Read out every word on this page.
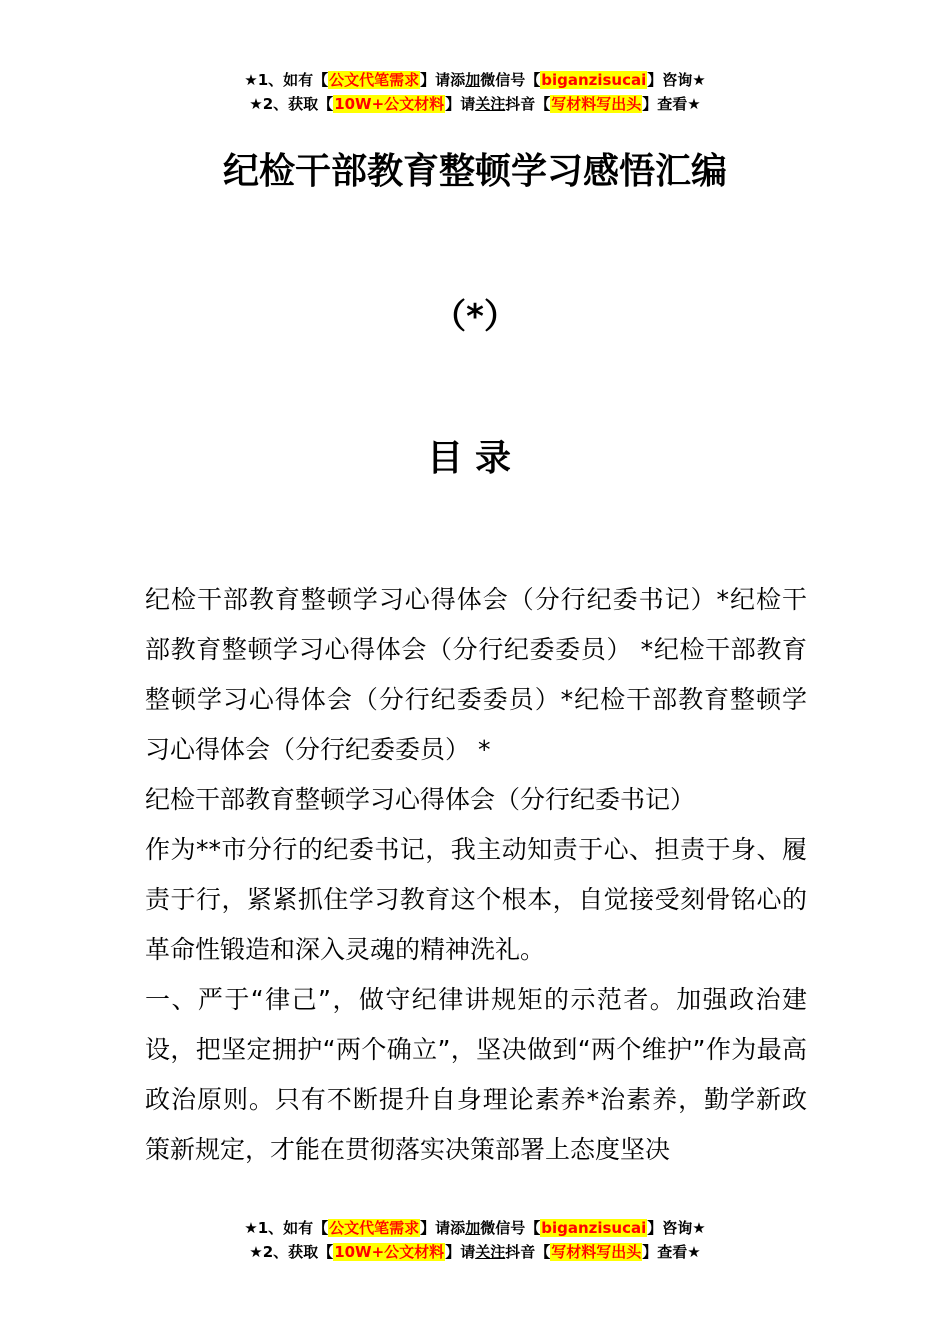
★1、如有【公文代笔需求】请添加微信号【biganzisucai】咨询★
★2、获取【10W+公文材料】请关注抖音【写材料写出头】查看★
纪检干部教育整顿学习感悟汇编
（*）
目录

纪检干部教育整顿学习心得体会（分行纪委书记）*纪检干部教育整顿学习心得体会（分行纪委委员） *纪检干部教育整顿学习心得体会（分行纪委委员）*纪检干部教育整顿学习心得体会（分行纪委委员） *

纪检干部教育整顿学习心得体会（分行纪委书记）

作为**市分行的纪委书记，我主动知责于心、担责于身、履责于行，紧紧抓住学习教育这个根本，自觉接受刻骨铭心的革命性锻造和深入灵魂的精神洗礼。

一、严于“律己”，做守纪律讲规矩的示范者。加强政治建设，把坚定拥护“两个确立”，坚决做到“两个维护”作为最高政治原则。只有不断提升自身理论素养*治素养，勤学新政策新规定，才能在贯彻落实决策部署上态度坚决

★1、如有【公文代笔需求】请添加微信号【biganzisucai】咨询★
★2、获取【10W+公文材料】请关注抖音【写材料写出头】查看★
